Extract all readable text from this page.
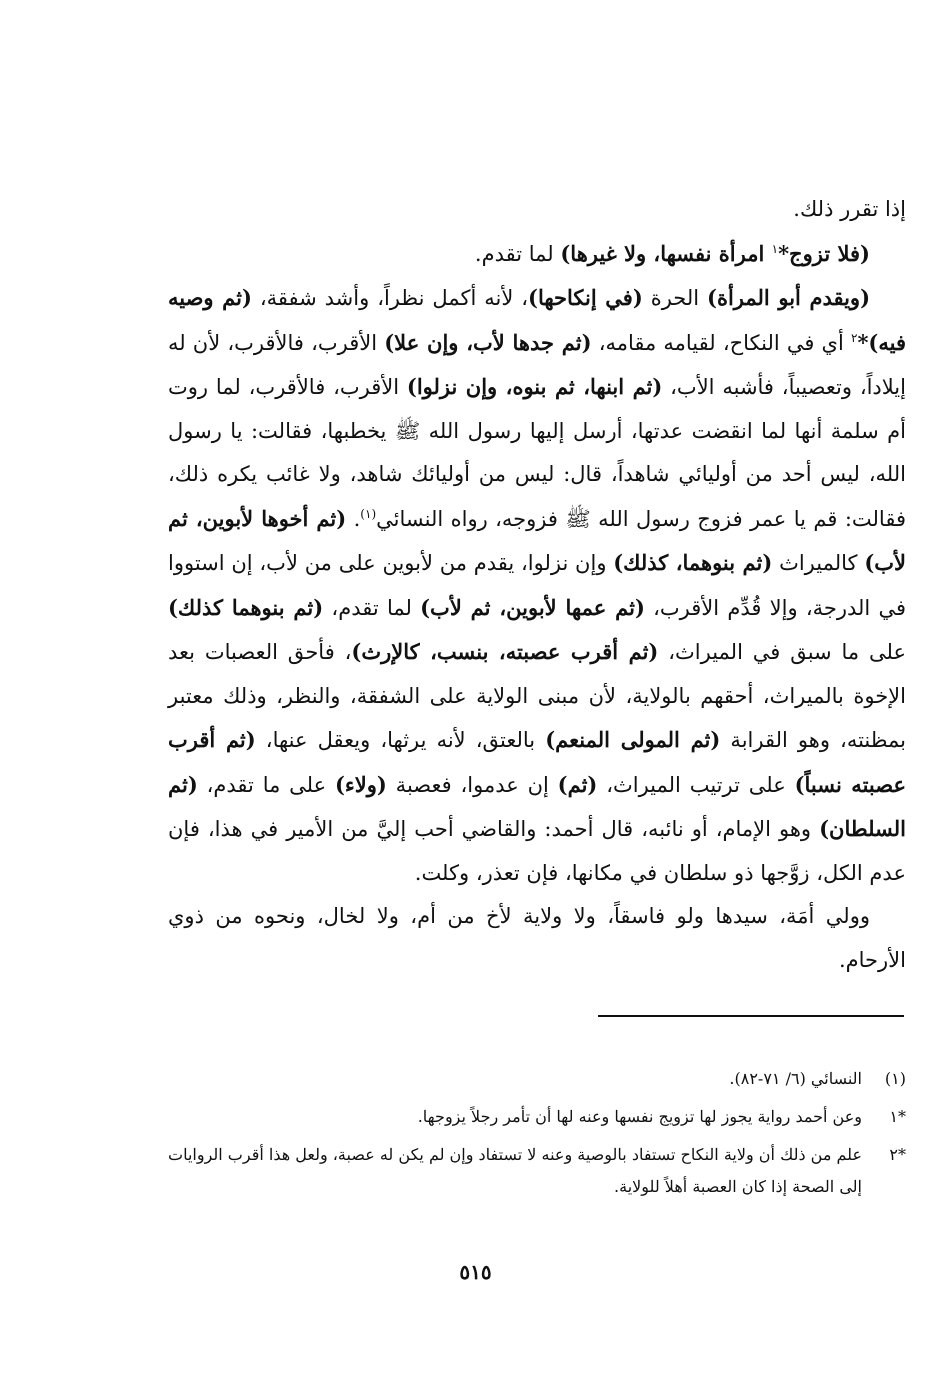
إذا تقرر ذلك.

(فلا تزوج*$^١$ امرأة نفسها، ولا غيرها) لما تقدم.

(ويقدم أبو المرأة) الحرة (في إنكاحها)، لأنه أكمل نظراً، وأشد شفقة، (ثم وصيه فيه)*$^٢$ أي في النكاح، لقيامه مقامه، (ثم جدها لأب، وإن علا) الأقرب، فالأقرب، لأن له إيلاداً، وتعصيباً، فأشبه الأب، (ثم ابنها، ثم بنوه، وإن نزلوا) الأقرب، فالأقرب، لما روت أم سلمة أنها لما انقضت عدتها، أرسل إليها رسول الله ﷺ يخطبها، فقالت: يا رسول الله، ليس أحد من أوليائي شاهداً، قال: ليس من أوليائك شاهد، ولا غائب يكره ذلك، فقالت: قم يا عمر فزوج رسول الله ﷺ فزوجه، رواه النسائي$^{(١)}$. (ثم أخوها لأبوين، ثم لأب) كالميراث (ثم بنوهما، كذلك) وإن نزلوا، يقدم من لأبوين على من لأب، إن استووا في الدرجة، وإلا قُدِّم الأقرب، (ثم عمها لأبوين، ثم لأب) لما تقدم، (ثم بنوهما كذلك) على ما سبق في الميراث، (ثم أقرب عصبته، بنسب، كالإرث)، فأحق العصبات بعد الإخوة بالميراث، أحقهم بالولاية، لأن مبنى الولاية على الشفقة، والنظر، وذلك معتبر بمظنته، وهو القرابة (ثم المولى المنعم) بالعتق، لأنه يرثها، ويعقل عنها، (ثم أقرب عصبته نسباً) على ترتيب الميراث، (ثم) إن عدموا، فعصبة (ولاء) على ما تقدم، (ثم السلطان) وهو الإمام، أو نائبه، قال أحمد: والقاضي أحب إليَّ من الأمير في هذا، فإن عدم الكل، زوَّجها ذو سلطان في مكانها، فإن تعذر، وكلت.

وولي أمَة، سيدها ولو فاسقاً، ولا ولاية لأخ من أم، ولا لخال، ونحوه من ذوي الأرحام.

(١)
النسائي (٦/ ٧١-٨٢).
*١
وعن أحمد رواية يجوز لها تزويج نفسها وعنه لها أن تأمر رجلاً يزوجها.
*٢
علم من ذلك أن ولاية النكاح تستفاد بالوصية وعنه لا تستفاد وإن لم يكن له عصبة، ولعل هذا أقرب الروايات إلى الصحة إذا كان العصبة أهلاً للولاية.
٥١٥
